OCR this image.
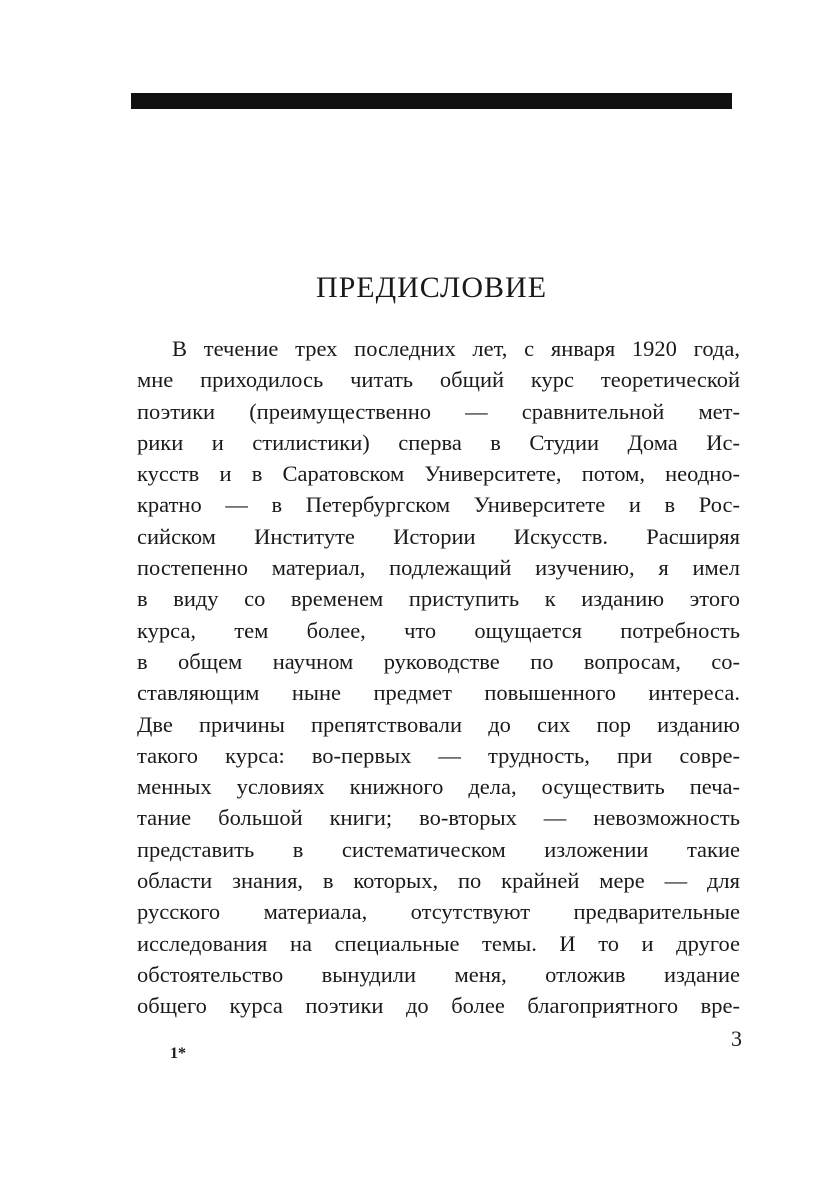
ПРЕДИСЛОВИЕ
В течение трех последних лет, с января 1920 года,
мне приходилось читать общий курс теоретической
поэтики (преимущественно — сравнительной мет-
рики и стилистики) сперва в Студии Дома Ис-
кусств и в Саратовском Университете, потом, неодно-
кратно — в Петербургском Университете и в Рос-
сийском Институте Истории Искусств. Расширяя
постепенно материал, подлежащий изучению, я имел
в виду со временем приступить к изданию этого
курса, тем более, что ощущается потребность
в общем научном руководстве по вопросам, со-
ставляющим ныне предмет повышенного интереса.
Две причины препятствовали до сих пор изданию
такого курса: во-первых — трудность, при совре-
менных условиях книжного дела, осуществить печа-
тание большой книги; во-вторых — невозможность
представить в систематическом изложении такие
области знания, в которых, по крайней мере — для
русского материала, отсутствуют предварительные
исследования на специальные темы. И то и другое
обстоятельство вынудили меня, отложив издание
общего курса поэтики до более благоприятного вре-
1*
3
